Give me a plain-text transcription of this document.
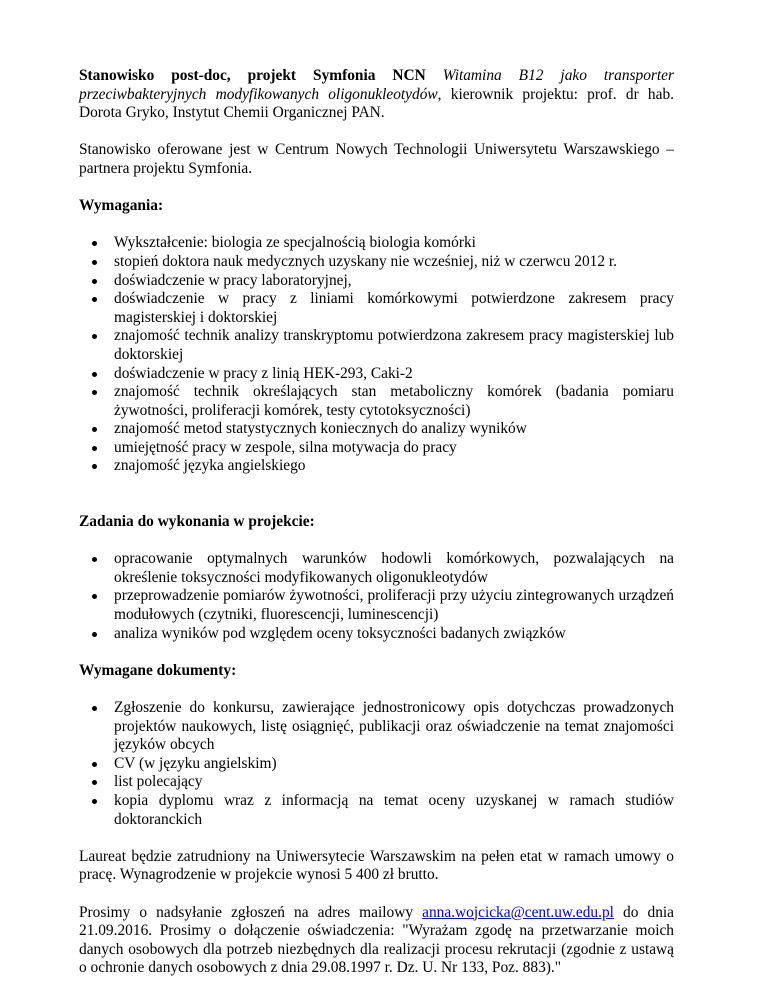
Stanowisko post-doc, projekt Symfonia NCN Witamina B12 jako transporter przeciwbakteryjnych modyfikowanych oligonukleotydów, kierownik projektu: prof. dr hab. Dorota Gryko, Instytut Chemii Organicznej PAN.

Stanowisko oferowane jest w Centrum Nowych Technologii Uniwersytetu Warszawskiego – partnera projektu Symfonia.

Wymagania:

Wykształcenie: biologia ze specjalnością biologia komórki
stopień doktora nauk medycznych uzyskany nie wcześniej, niż w czerwcu 2012 r.
doświadczenie w pracy laboratoryjnej,
doświadczenie w pracy z liniami komórkowymi potwierdzone zakresem pracy magisterskiej i doktorskiej
znajomość technik analizy transkryptomu potwierdzona zakresem pracy magisterskiej lub doktorskiej
doświadczenie w pracy z linią HEK-293, Caki-2
znajomość technik określających stan metaboliczny komórek (badania pomiaru żywotności, proliferacji komórek, testy cytotoksyczności)
znajomość metod statystycznych koniecznych do analizy wyników
umiejętność pracy w zespole, silna motywacja do pracy
znajomość języka angielskiego

Zadania do wykonania w projekcie:

opracowanie optymalnych warunków hodowli komórkowych, pozwalających na określenie toksyczności modyfikowanych oligonukleotydów
przeprowadzenie pomiarów żywotności, proliferacji przy użyciu zintegrowanych urządzeń modułowych (czytniki, fluorescencji, luminescencji)
analiza wyników pod względem oceny toksyczności badanych związków

Wymagane dokumenty:

Zgłoszenie do konkursu, zawierające jednostronicowy opis dotychczas prowadzonych projektów naukowych, listę osiągnięć, publikacji oraz oświadczenie na temat znajomości języków obcych
CV (w języku angielskim)
list polecający
kopia dyplomu wraz z informacją na temat oceny uzyskanej w ramach studiów doktoranckich

Laureat będzie zatrudniony na Uniwersytecie Warszawskim na pełen etat w ramach umowy o pracę. Wynagrodzenie w projekcie wynosi 5 400 zł brutto.

Prosimy o nadsyłanie zgłoszeń na adres mailowy anna.wojcicka@cent.uw.edu.pl do dnia 21.09.2016. Prosimy o dołączenie oświadczenia: "Wyrażam zgodę na przetwarzanie moich danych osobowych dla potrzeb niezbędnych dla realizacji procesu rekrutacji (zgodnie z ustawą o ochronie danych osobowych z dnia 29.08.1997 r. Dz. U. Nr 133, Poz. 883)."
